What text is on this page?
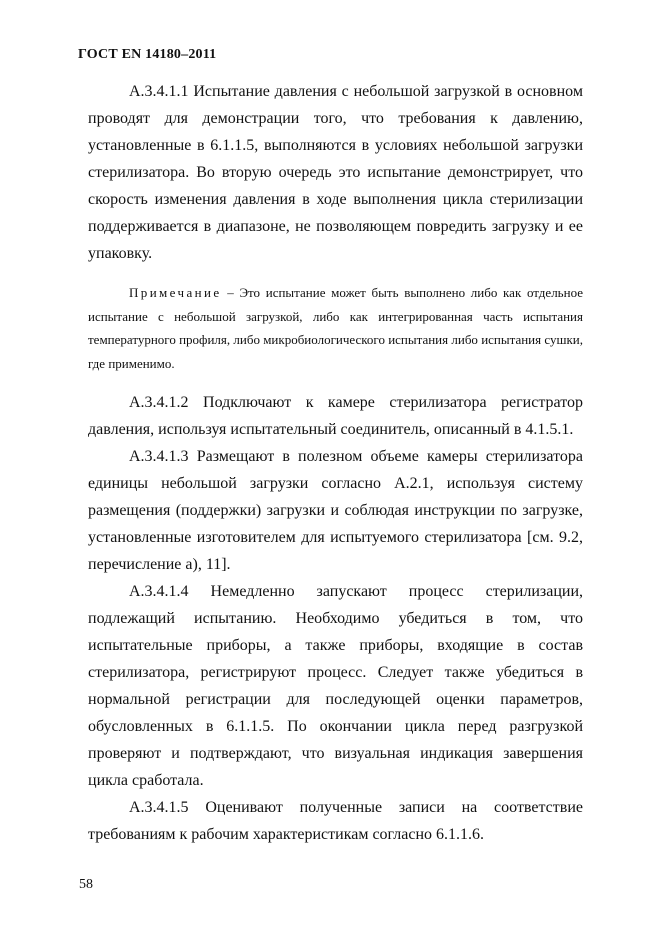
ГОСТ EN 14180–2011

А.3.4.1.1 Испытание давления с небольшой загрузкой в основном проводят для демонстрации того, что требования к давлению, установленные в 6.1.1.5, выполняются в условиях небольшой загрузки стерилизатора. Во вторую очередь это испытание демонстрирует, что скорость изменения давления в ходе выполнения цикла стерилизации поддерживается в диапазоне, не позволяющем повредить загрузку и ее упаковку.

Примечание – Это испытание может быть выполнено либо как отдельное испытание с небольшой загрузкой, либо как интегрированная часть испытания температурного профиля, либо микробиологического испытания либо испытания сушки, где применимо.

А.3.4.1.2 Подключают к камере стерилизатора регистратор давления, используя испытательный соединитель, описанный в 4.1.5.1.

А.3.4.1.3 Размещают в полезном объеме камеры стерилизатора единицы небольшой загрузки согласно А.2.1, используя систему размещения (поддержки) загрузки и соблюдая инструкции по загрузке, установленные изготовителем для испытуемого стерилизатора [см. 9.2, перечисление а), 11].

А.3.4.1.4 Немедленно запускают процесс стерилизации, подлежащий испытанию. Необходимо убедиться в том, что испытательные приборы, а также приборы, входящие в состав стерилизатора, регистрируют процесс. Следует также убедиться в нормальной регистрации для последующей оценки параметров, обусловленных в 6.1.1.5. По окончании цикла перед разгрузкой проверяют и подтверждают, что визуальная индикация завершения цикла сработала.

А.3.4.1.5 Оценивают полученные записи на соответствие требованиям к рабочим характеристикам согласно 6.1.1.6.

58
